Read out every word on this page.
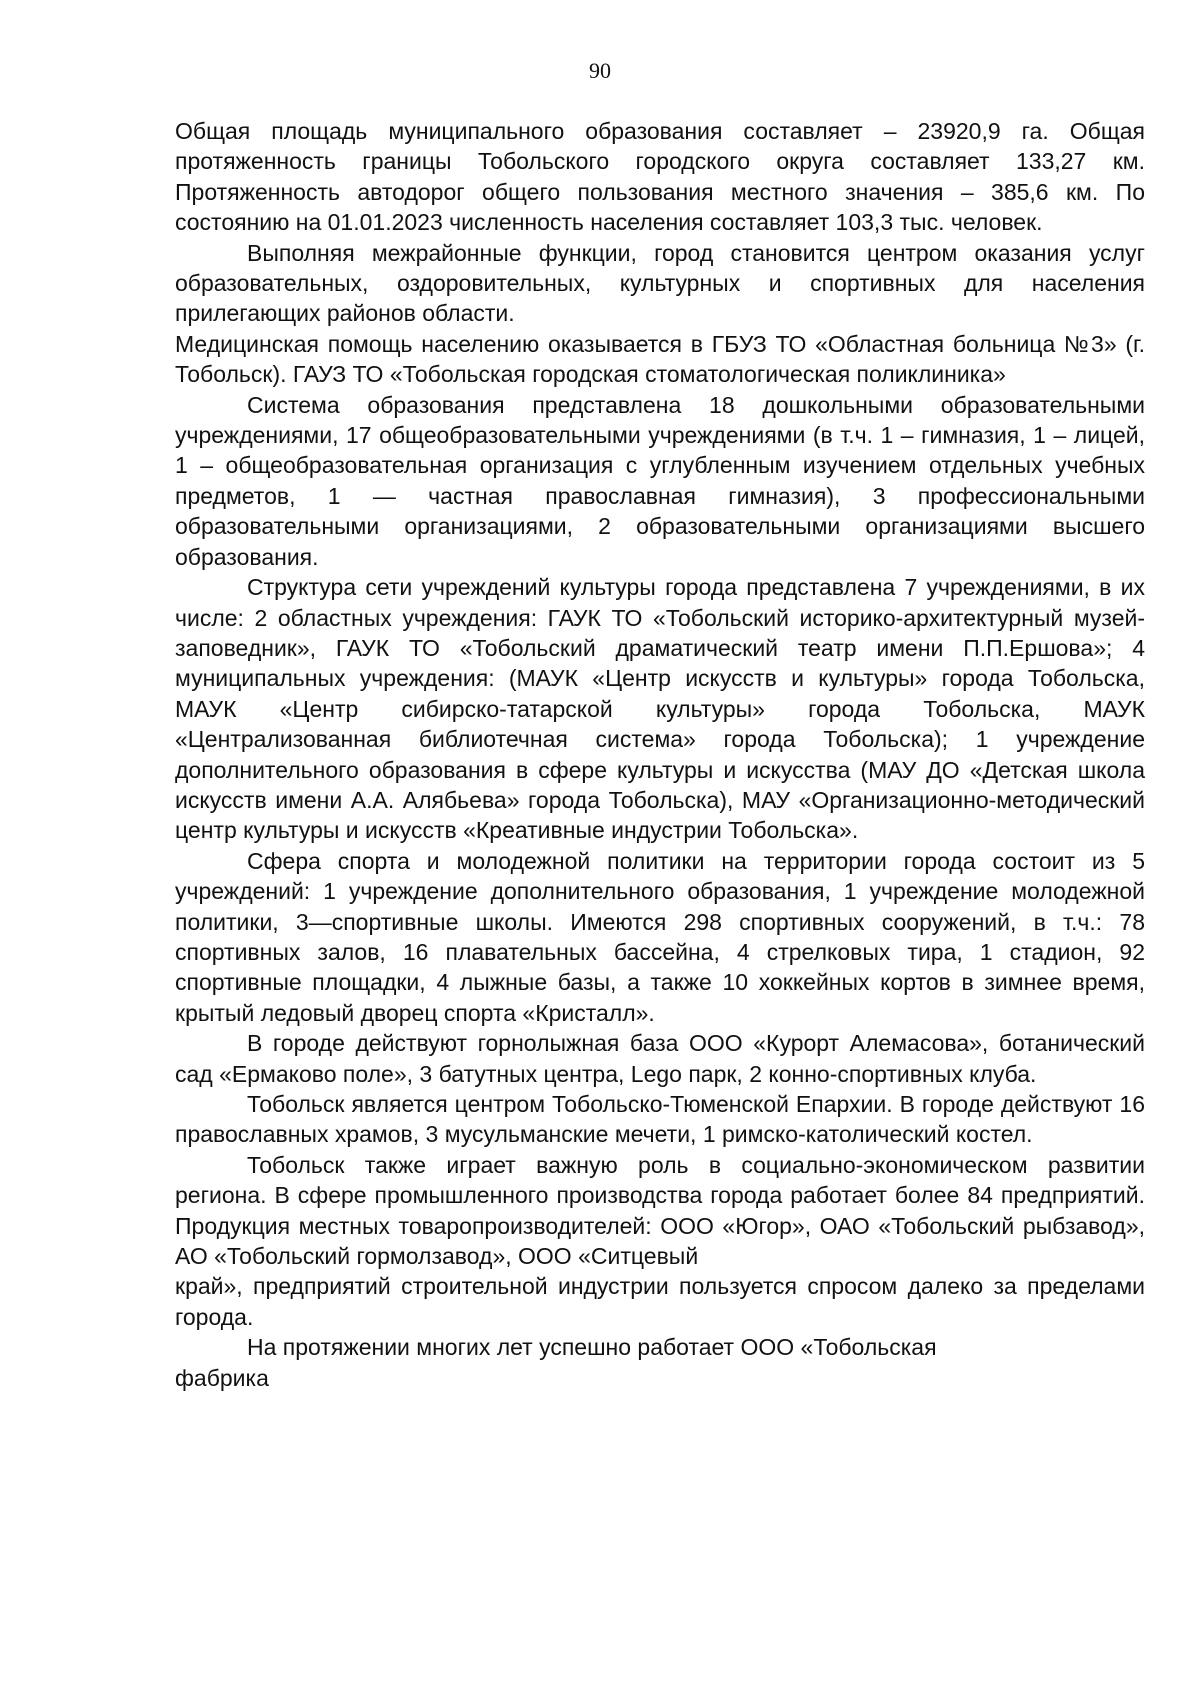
90

Общая площадь муниципального образования составляет – 23920,9 га. Общая протяженность границы Тобольского городского округа составляет 133,27 км. Протяженность автодорог общего пользования местного значения – 385,6 км. По состоянию на 01.01.2023 численность населения составляет 103,3 тыс. человек.

Выполняя межрайонные функции, город становится центром оказания услуг образовательных, оздоровительных, культурных и спортивных для населения прилегающих районов области.

Медицинская помощь населению оказывается в ГБУЗ ТО «Областная больница №3» (г. Тобольск). ГАУЗ ТО «Тобольская городская стоматологическая поликлиника»

Система образования представлена 18 дошкольными образовательными учреждениями, 17 общеобразовательными учреждениями (в т.ч. 1 – гимназия, 1 – лицей, 1 – общеобразовательная организация с углубленным изучением отдельных учебных предметов, 1 — частная православная гимназия), 3 профессиональными образовательными организациями, 2 образовательными организациями высшего образования.

Структура сети учреждений культуры города представлена 7 учреждениями, в их числе: 2 областных учреждения: ГАУК ТО «Тобольский историко-архитектурный музей-заповедник», ГАУК ТО «Тобольский драматический театр имени П.П.Ершова»; 4 муниципальных учреждения: (МАУК «Центр искусств и культуры» города Тобольска, МАУК «Центр сибирско-татарской культуры» города Тобольска, МАУК «Централизованная библиотечная система» города Тобольска); 1 учреждение дополнительного образования в сфере культуры и искусства (МАУ ДО «Детская школа искусств имени А.А. Алябьева» города Тобольска), МАУ «Организационно-методический центр культуры и искусств «Креативные индустрии Тобольска».

Сфера спорта и молодежной политики на территории города состоит из 5 учреждений: 1 учреждение дополнительного образования, 1 учреждение молодежной политики, 3—спортивные школы. Имеются 298 спортивных сооружений, в т.ч.: 78 спортивных залов, 16 плавательных бассейна, 4 стрелковых тира, 1 стадион, 92 спортивные площадки, 4 лыжные базы, а также 10 хоккейных кортов в зимнее время, крытый ледовый дворец спорта «Кристалл».

В городе действуют горнолыжная база ООО «Курорт Алемасова», ботанический сад «Ермаково поле», 3 батутных центра, Lego парк, 2 конно-спортивных клуба.

Тобольск является центром Тобольско-Тюменской Епархии. В городе действуют 16 православных храмов, 3 мусульманские мечети, 1 римско-католический костел.

Тобольск также играет важную роль в социально-экономическом развитии региона. В сфере промышленного производства города работает более 84 предприятий. Продукция местных товаропроизводителей: ООО «Югор», ОАО «Тобольский рыбзавод», АО «Тобольский гормолзавод», ООО «Ситцевый

край», предприятий строительной индустрии пользуется спросом далеко за пределами города.

На протяжении многих лет успешно работает ООО «Тобольская

фабрика
